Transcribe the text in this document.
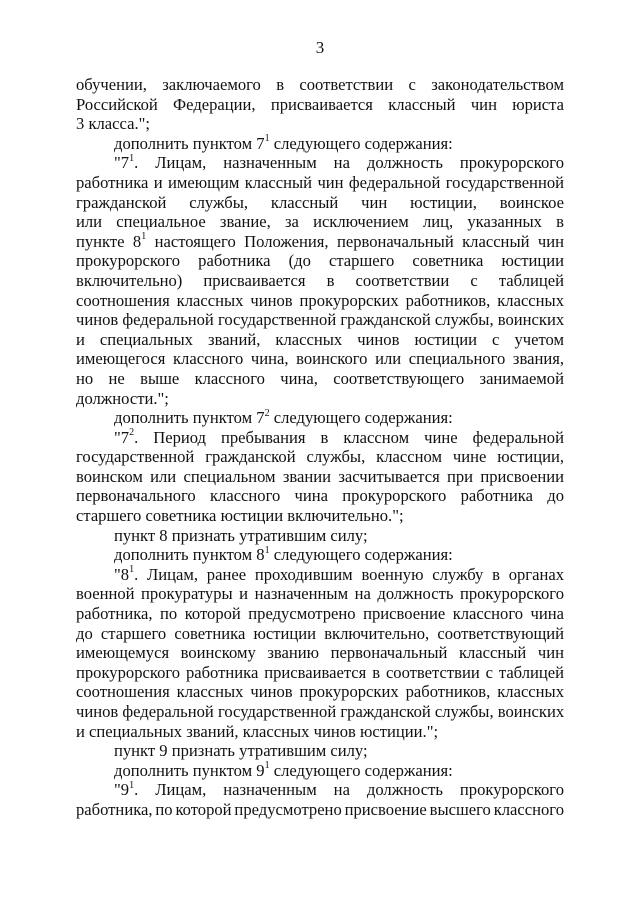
3
обучении, заключаемого в соответствии с законодательством
Российской Федерации, присваивается классный чин юриста
3 класса.";
дополнить пунктом $7^1$ следующего содержания:
"$7^1$. Лицам, назначенным на должность прокурорского
работника и имеющим классный чин федеральной государственной
гражданской службы, классный чин юстиции, воинское
или специальное звание, за исключением лиц, указанных в
пункте $8^1$ настоящего Положения, первоначальный классный чин
прокурорского работника (до старшего советника юстиции
включительно) присваивается в соответствии с таблицей
соотношения классных чинов прокурорских работников, классных
чинов федеральной государственной гражданской службы, воинских
и специальных званий, классных чинов юстиции с учетом
имеющегося классного чина, воинского или специального звания,
но не выше классного чина, соответствующего занимаемой
должности.";
дополнить пунктом $7^2$ следующего содержания:
"$7^2$. Период пребывания в классном чине федеральной
государственной гражданской службы, классном чине юстиции,
воинском или специальном звании засчитывается при присвоении
первоначального классного чина прокурорского работника до
старшего советника юстиции включительно.";
пункт 8 признать утратившим силу;
дополнить пунктом $8^1$ следующего содержания:
"$8^1$. Лицам, ранее проходившим военную службу в органах
военной прокуратуры и назначенным на должность прокурорского
работника, по которой предусмотрено присвоение классного чина
до старшего советника юстиции включительно, соответствующий
имеющемуся воинскому званию первоначальный классный чин
прокурорского работника присваивается в соответствии с таблицей
соотношения классных чинов прокурорских работников, классных
чинов федеральной государственной гражданской службы, воинских
и специальных званий, классных чинов юстиции.";
пункт 9 признать утратившим силу;
дополнить пунктом $9^1$ следующего содержания:
"$9^1$. Лицам, назначенным на должность прокурорского
работника, по которой предусмотрено присвоение высшего классного
